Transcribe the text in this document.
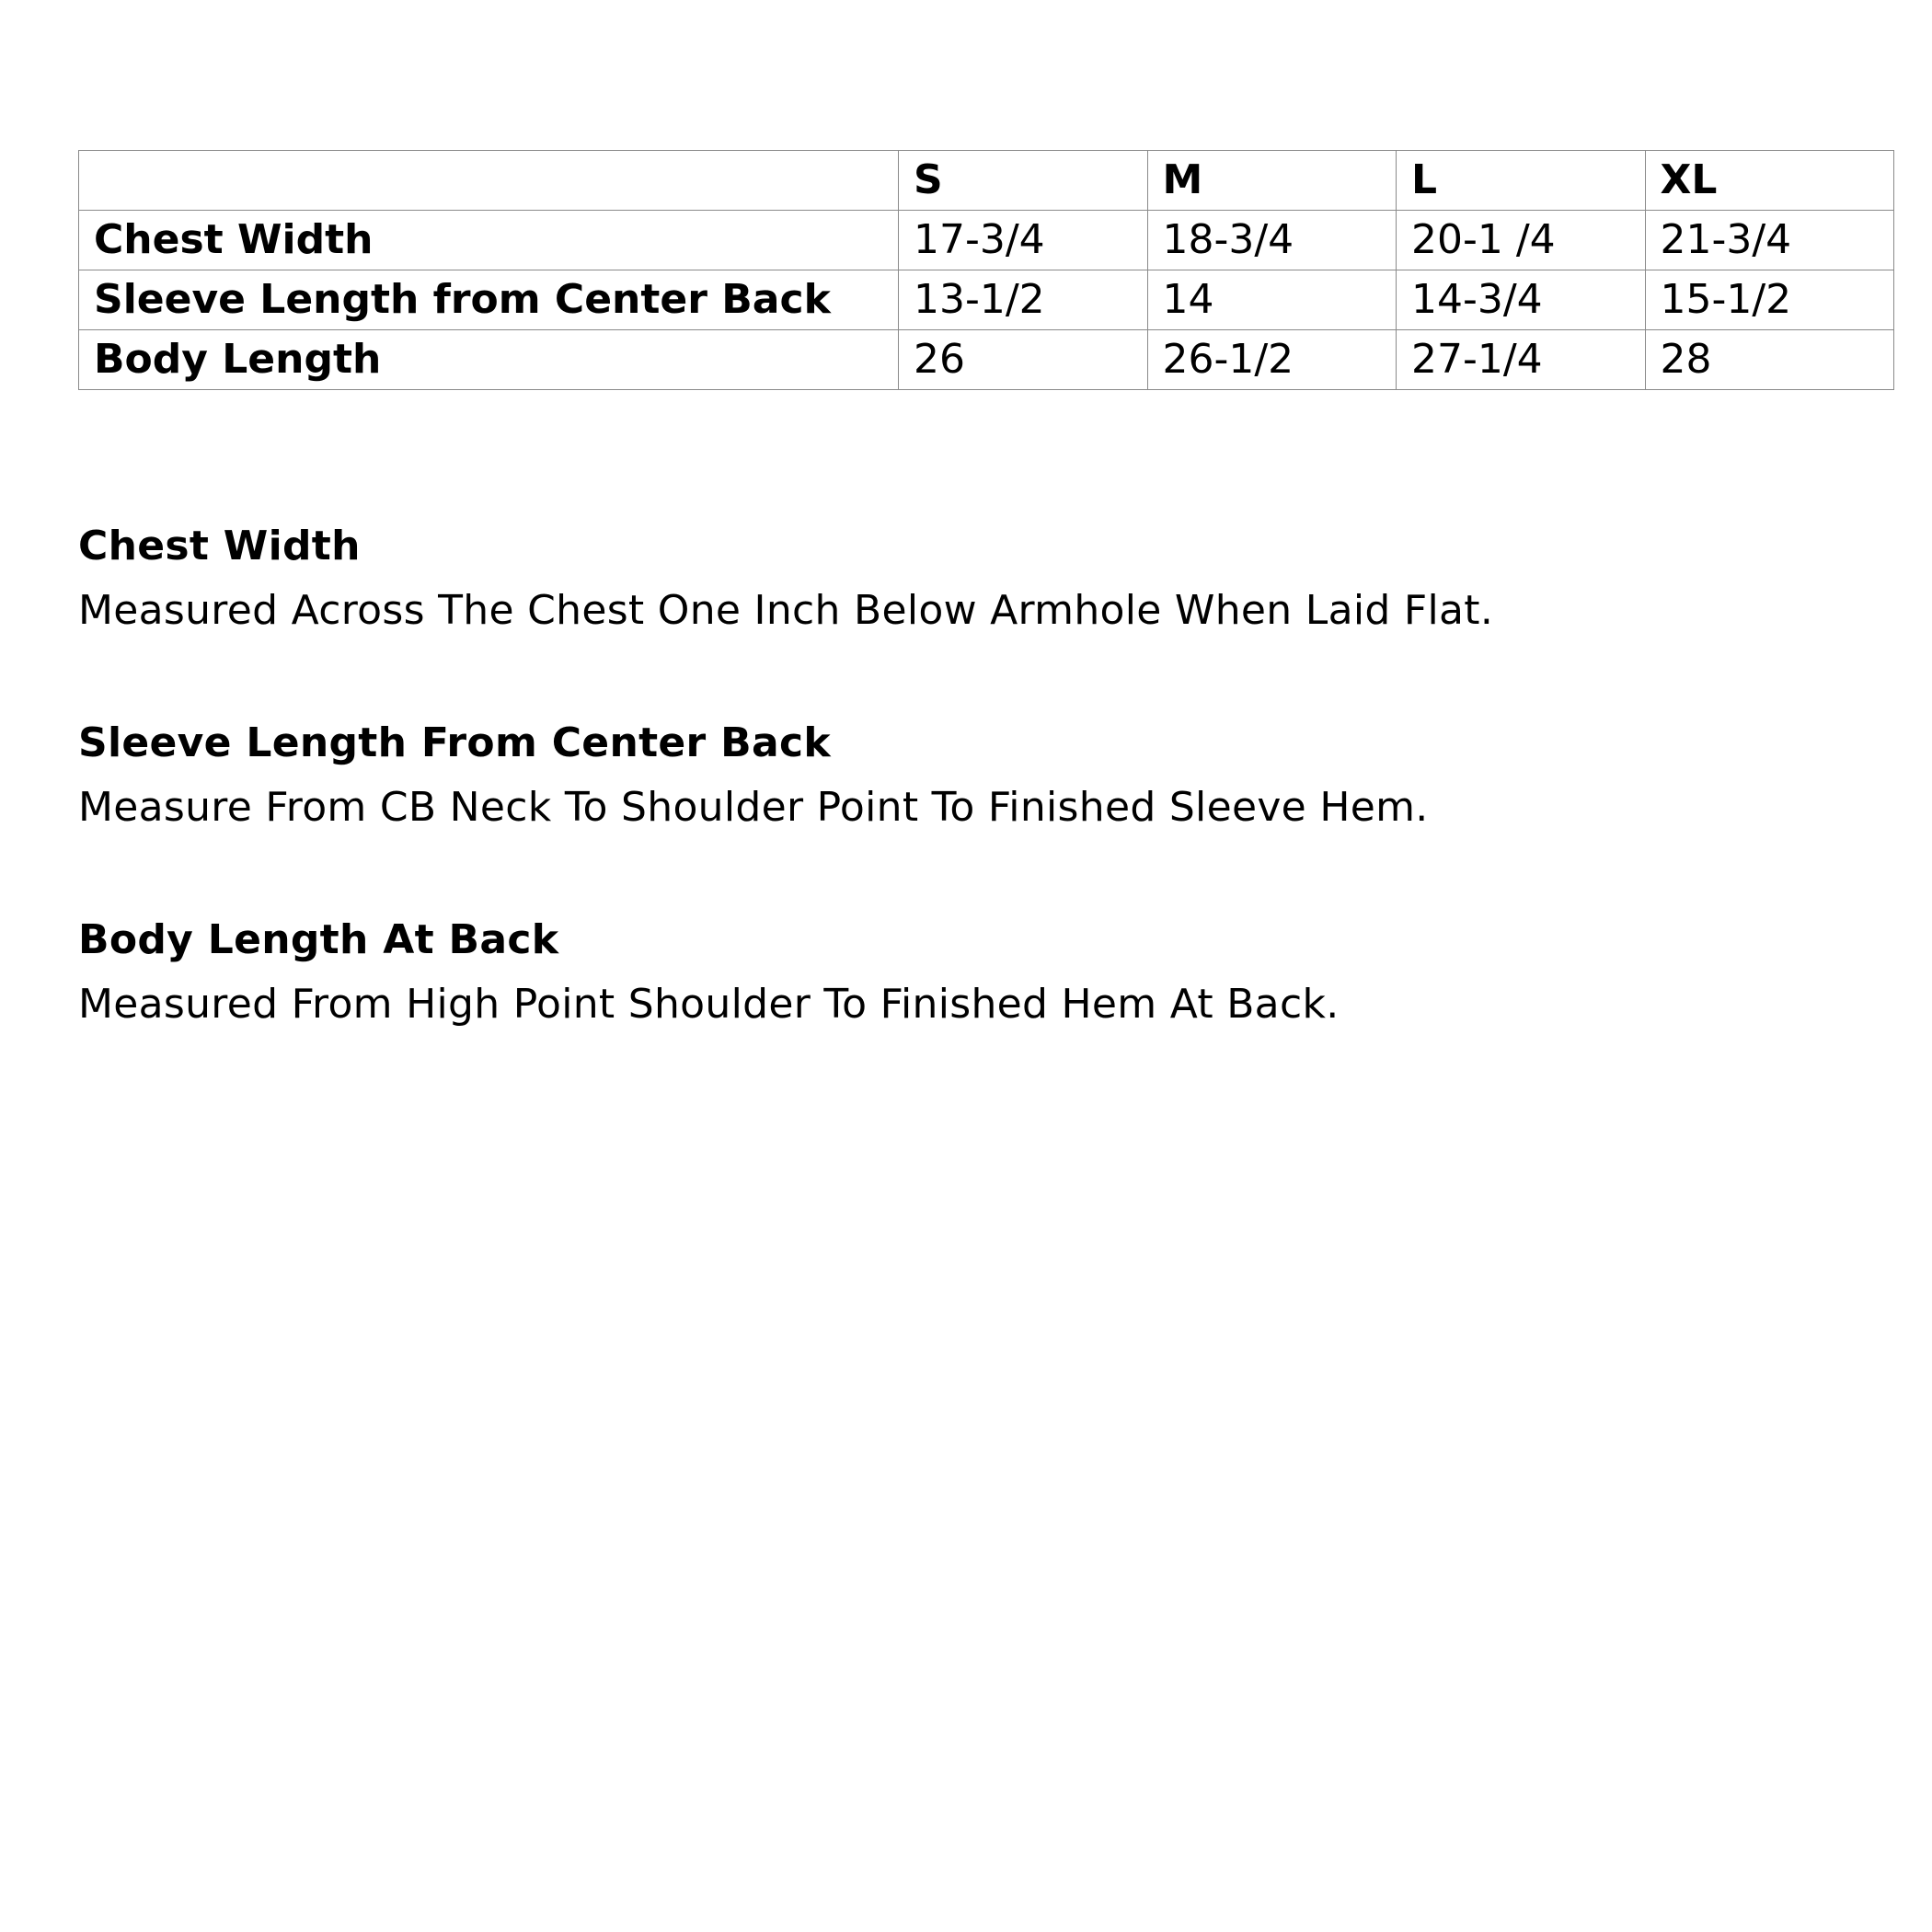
	S	M	L	XL
Chest Width	17-3/4	18-3/4	20-1 /4	21-3/4
Sleeve Length from Center Back	13-1/2	14	14-3/4	15-1/2
Body Length	26	26-1/2	27-1/4	28

Chest Width

Measured Across The Chest One Inch Below Armhole When Laid Flat.

Sleeve Length From Center Back

Measure From CB Neck To Shoulder Point To Finished Sleeve Hem.

Body Length At Back

Measured From High Point Shoulder To Finished Hem At Back.
